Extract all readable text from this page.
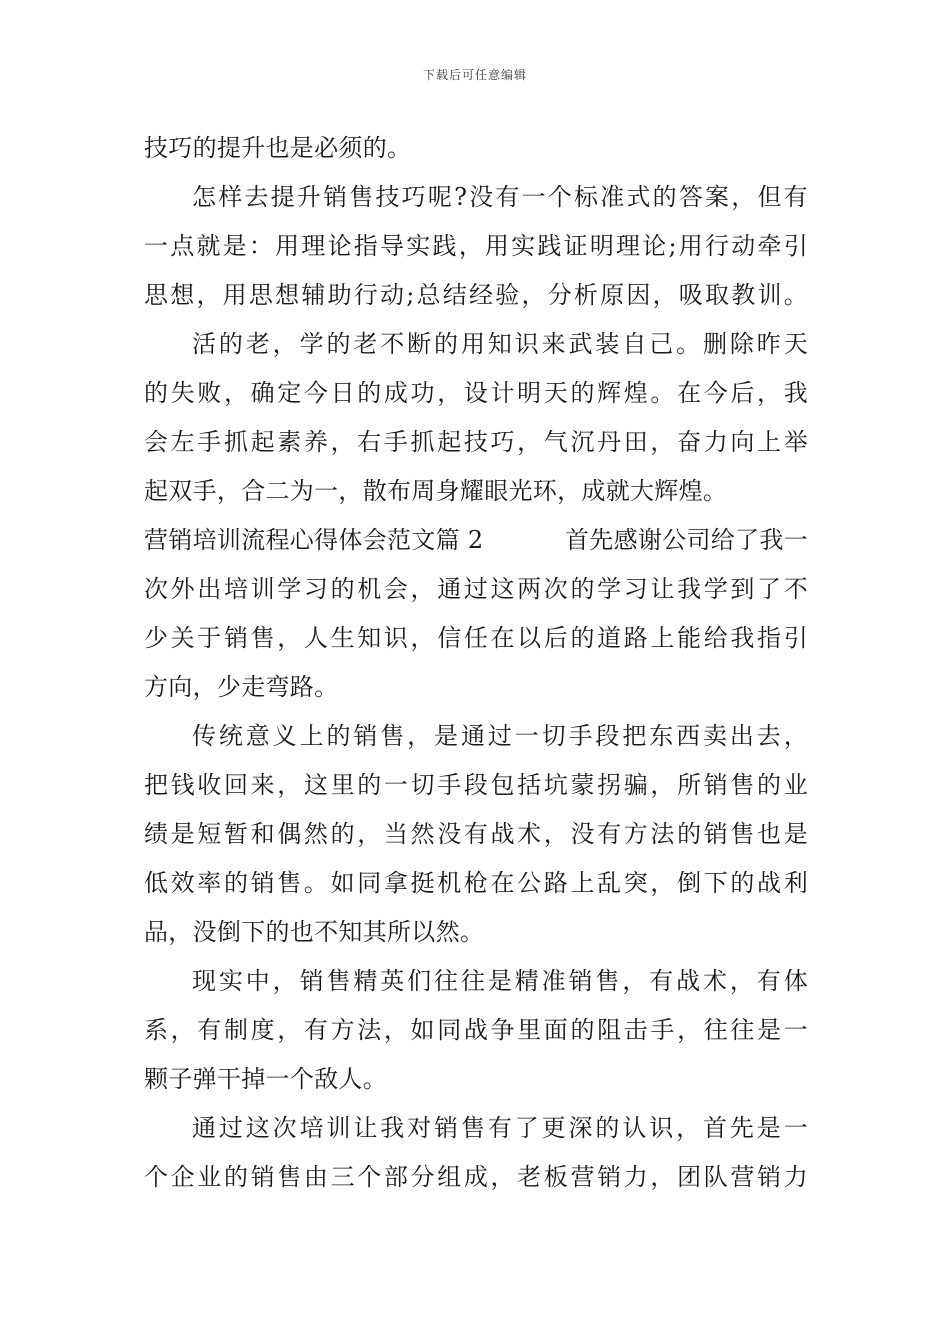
下载后可任意编辑
技巧的提升也是必须的。
怎样去提升销售技巧呢?没有一个标准式的答案，但有
一点就是：用理论指导实践，用实践证明理论;用行动牵引
思想，用思想辅助行动;总结经验，分析原因，吸取教训。
活的老，学的老不断的用知识来武装自己。删除昨天
的失败，确定今日的成功，设计明天的辉煌。在今后，我
会左手抓起素养，右手抓起技巧，气沉丹田，奋力向上举
起双手，合二为一，散布周身耀眼光环，成就大辉煌。
营销培训流程心得体会范文篇 2	首先感谢公司给了我一
次外出培训学习的机会，通过这两次的学习让我学到了不
少关于销售，人生知识，信任在以后的道路上能给我指引
方向，少走弯路。
传统意义上的销售，是通过一切手段把东西卖出去，
把钱收回来，这里的一切手段包括坑蒙拐骗，所销售的业
绩是短暂和偶然的，当然没有战术，没有方法的销售也是
低效率的销售。如同拿挺机枪在公路上乱突，倒下的战利
品，没倒下的也不知其所以然。
现实中，销售精英们往往是精准销售，有战术，有体
系，有制度，有方法，如同战争里面的阻击手，往往是一
颗子弹干掉一个敌人。
通过这次培训让我对销售有了更深的认识，首先是一
个企业的销售由三个部分组成，老板营销力，团队营销力
